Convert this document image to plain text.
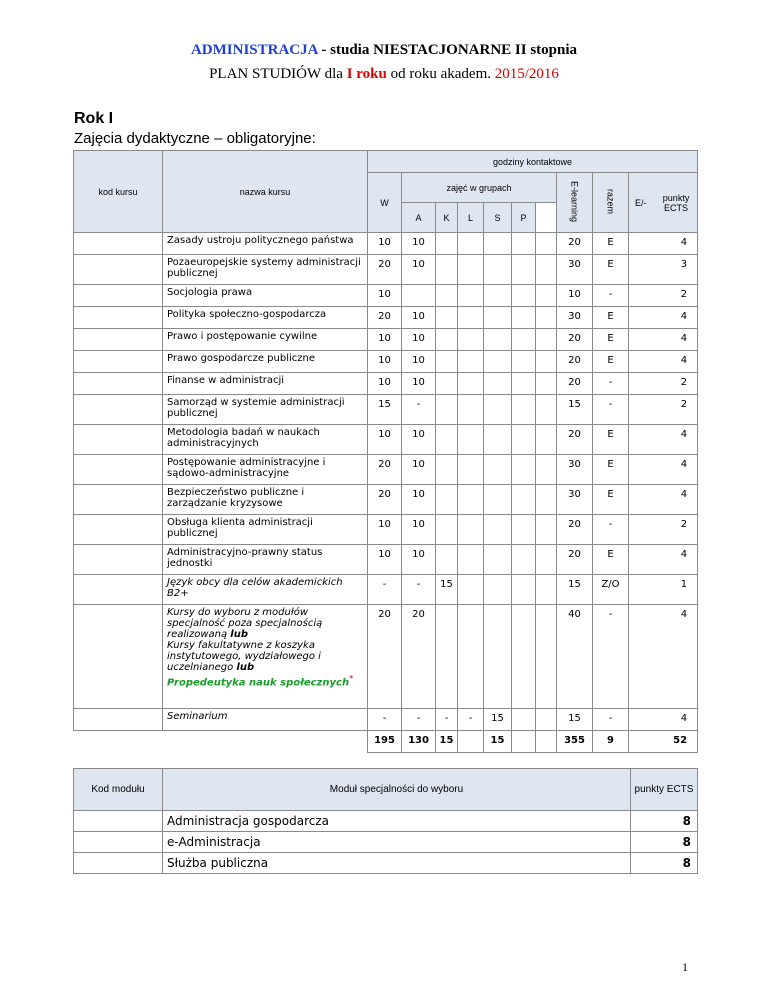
ADMINISTRACJA - studia NIESTACJONARNE II stopnia
PLAN STUDIÓW dla I roku od roku akadem. 2015/2016
Rok I
Zajęcia dydaktyczne – obligatoryjne:
kod kursu	nazwa kursu	godziny kontaktowe									
		W	zajęć w grupach						E-learning	razem	E/- punkty ECTS

			A	K	L	S	P				
	Zasady ustroju politycznego państwa	10	10						20	E	4
	Pozaeuropejskie systemy administracji publicznej	20	10						30	E	3
	Socjologia prawa	10							10	-	2
	Polityka społeczno-gospodarcza	20	10						30	E	4
	Prawo i postępowanie cywilne	10	10						20	E	4
	Prawo gospodarcze publiczne	10	10						20	E	4
	Finanse w administracji	10	10						20	-	2
	Samorząd w systemie administracji publicznej	15	-						15	-	2
	Metodologia badań w naukach administracyjnych	10	10						20	E	4
	Postępowanie administracyjne i sądowo-administracyjne	20	10						30	E	4
	Bezpieczeństwo publiczne i zarządzanie kryzysowe	20	10						30	E	4
	Obsługa klienta administracji publicznej	10	10						20	-	2
	Administracyjno-prawny status jednostki	10	10						20	E	4
	Język obcy dla celów akademickich B2+	-	-	15					15	Z/O	1
	Kursy do wyboru z modułów specjalność poza specjalnością realizowaną lub
Kursy fakultatywne z koszyka instytutowego, wydziałowego i uczelnianego lub
Propedeutyka nauk społecznych*	20	20						40	-	4
	Seminarium	-	-	-	-	15			15	-	4
		195	130	15		15			355	9	52
Kod modułu	Moduł specjalności do wyboru	punkty ECTS
	Administracja gospodarcza	8
	e-Administracja	8
	Służba publiczna	8
1
